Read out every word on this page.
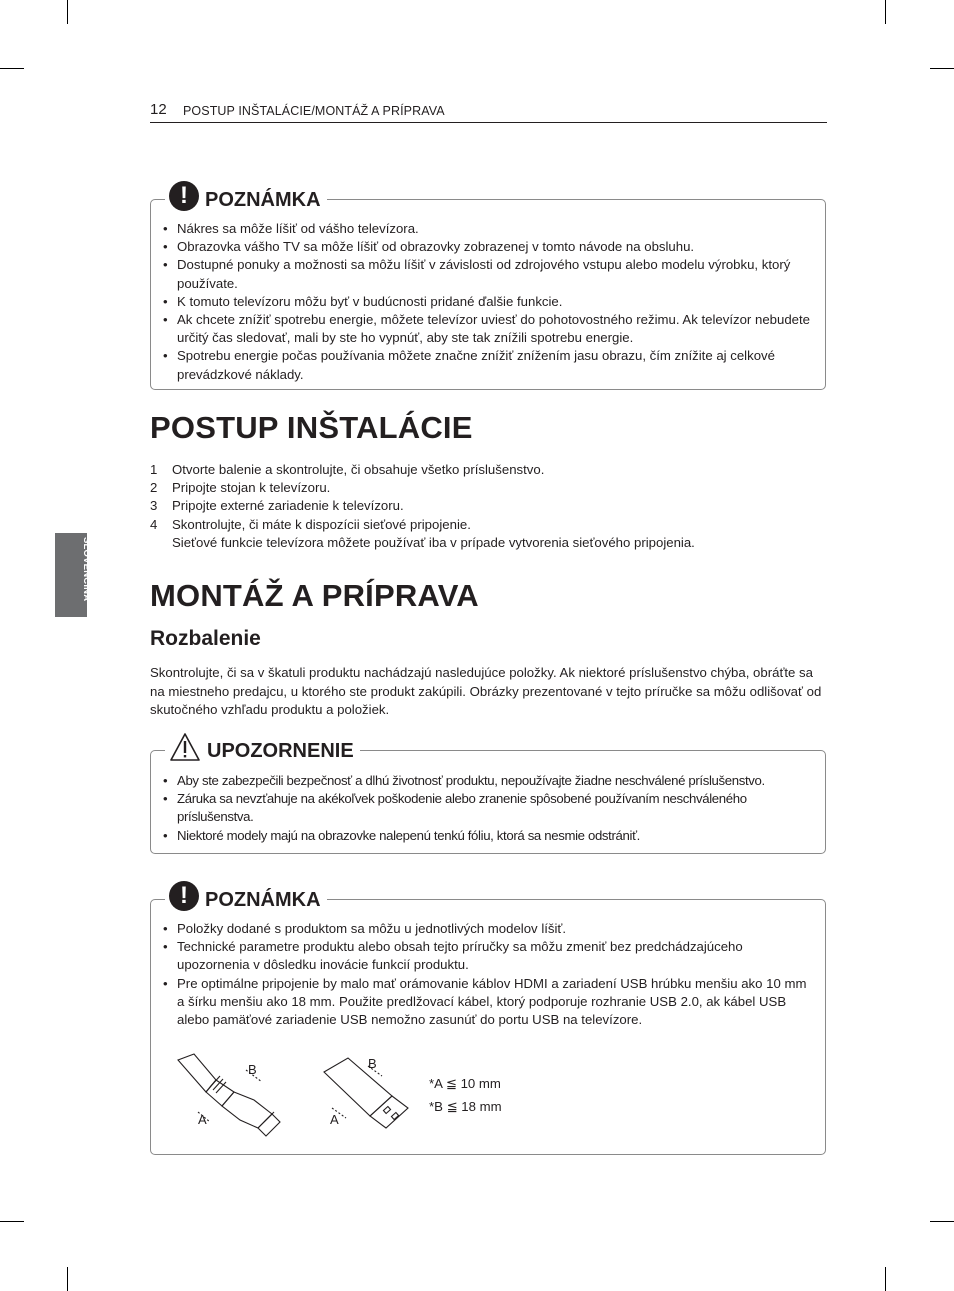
12 POSTUP INŠTALÁCIE/MONTÁŽ A PRÍPRAVA
SLOVENČINA
! POZNÁMKA
• Nákres sa môže líšiť od vášho televízora.
• Obrazovka vášho TV sa môže líšiť od obrazovky zobrazenej v tomto návode na obsluhu.
• Dostupné ponuky a možnosti sa môžu líšiť v závislosti od zdrojového vstupu alebo modelu výrobku, ktorý používate.
• K tomuto televízoru môžu byť v budúcnosti pridané ďalšie funkcie.
• Ak chcete znížiť spotrebu energie, môžete televízor uviesť do pohotovostného režimu. Ak televízor nebudete určitý čas sledovať, mali by ste ho vypnúť, aby ste tak znížili spotrebu energie.
• Spotrebu energie počas používania môžete značne znížiť znížením jasu obrazu, čím znížite aj celkové prevádzkové náklady.
POSTUP INŠTALÁCIE
1 Otvorte balenie a skontrolujte, či obsahuje všetko príslušenstvo.
2 Pripojte stojan k televízoru.
3 Pripojte externé zariadenie k televízoru.
4 Skontrolujte, či máte k dispozícii sieťové pripojenie.
Sieťové funkcie televízora môžete používať iba v prípade vytvorenia sieťového pripojenia.
MONTÁŽ A PRÍPRAVA
Rozbalenie

Skontrolujte, či sa v škatuli produktu nachádzajú nasledujúce položky. Ak niektoré príslušenstvo chýba, obráťte sa na miestneho predajcu, u ktorého ste produkt zakúpili. Obrázky prezentované v tejto príručke sa môžu odlišovať od skutočného vzhľadu produktu a položiek.

UPOZORNENIE
• Aby ste zabezpečili bezpečnosť a dlhú životnosť produktu, nepoužívajte žiadne neschválené príslušenstvo.
• Záruka sa nevzťahuje na akékoľvek poškodenie alebo zranenie spôsobené používaním neschváleného príslušenstva.
• Niektoré modely majú na obrazovke nalepenú tenkú fóliu, ktorá sa nesmie odstrániť.
! POZNÁMKA
• Položky dodané s produktom sa môžu u jednotlivých modelov líšiť.
• Technické parametre produktu alebo obsah tejto príručky sa môžu zmeniť bez predchádzajúceho upozornenia v dôsledku inovácie funkcií produktu.
• Pre optimálne pripojenie by malo mať orámovanie káblov HDMI a zariadení USB hrúbku menšiu ako 10 mm a šírku menšiu ako 18 mm. Použite predlžovací kábel, ktorý podporuje rozhranie USB 2.0, ak kábel USB alebo pamäťové zariadenie USB nemožno zasunúť do portu USB na televízore.
B
A
B
A
*A ≦ 10 mm
*B ≦ 18 mm
